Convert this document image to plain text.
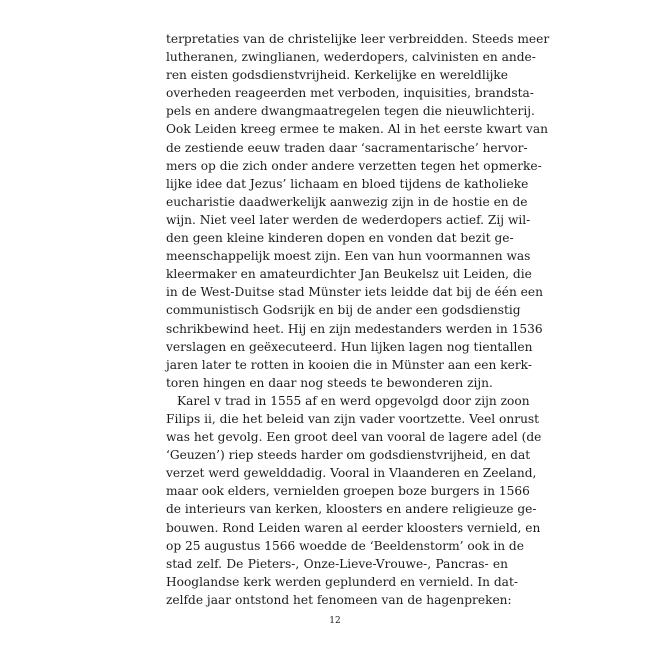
terpretaties van de christelijke leer verbreidden. Steeds meer
lutheranen, zwinglianen, wederdopers, calvinisten en ande-
ren eisten godsdienstvrijheid. Kerkelijke en wereldlijke
overheden reageerden met verboden, inquisities, brandsta-
pels en andere dwangmaatregelen tegen die nieuwlichterij.
Ook Leiden kreeg ermee te maken. Al in het eerste kwart van
de zestiende eeuw traden daar ‘sacramentarische’ hervor-
mers op die zich onder andere verzetten tegen het opmerke-
lijke idee dat Jezus’ lichaam en bloed tijdens de katholieke
eucharistie daadwerkelijk aanwezig zijn in de hostie en de
wijn. Niet veel later werden de wederdopers actief. Zij wil-
den geen kleine kinderen dopen en vonden dat bezit ge-
meenschappelijk moest zijn. Een van hun voormannen was
kleermaker en amateurdichter Jan Beukelsz uit Leiden, die
in de West-Duitse stad Münster iets leidde dat bij de één een
communistisch Godsrijk en bij de ander een godsdienstig
schrikbewind heet. Hij en zijn medestanders werden in 1536
verslagen en geëxecuteerd. Hun lijken lagen nog tientallen
jaren later te rotten in kooien die in Münster aan een kerk-
toren hingen en daar nog steeds te bewonderen zijn.
Karel v trad in 1555 af en werd opgevolgd door zijn zoon
Filips ii, die het beleid van zijn vader voortzette. Veel onrust
was het gevolg. Een groot deel van vooral de lagere adel (de
‘Geuzen’) riep steeds harder om godsdienstvrijheid, en dat
verzet werd gewelddadig. Vooral in Vlaanderen en Zeeland,
maar ook elders, vernielden groepen boze burgers in 1566
de interieurs van kerken, kloosters en andere religieuze ge-
bouwen. Rond Leiden waren al eerder kloosters vernield, en
op 25 augustus 1566 woedde de ‘Beeldenstorm’ ook in de
stad zelf. De Pieters-, Onze-Lieve-Vrouwe-, Pancras- en
Hooglandse kerk werden geplunderd en vernield. In dat-
zelfde jaar ontstond het fenomeen van de hagenpreken:
12
